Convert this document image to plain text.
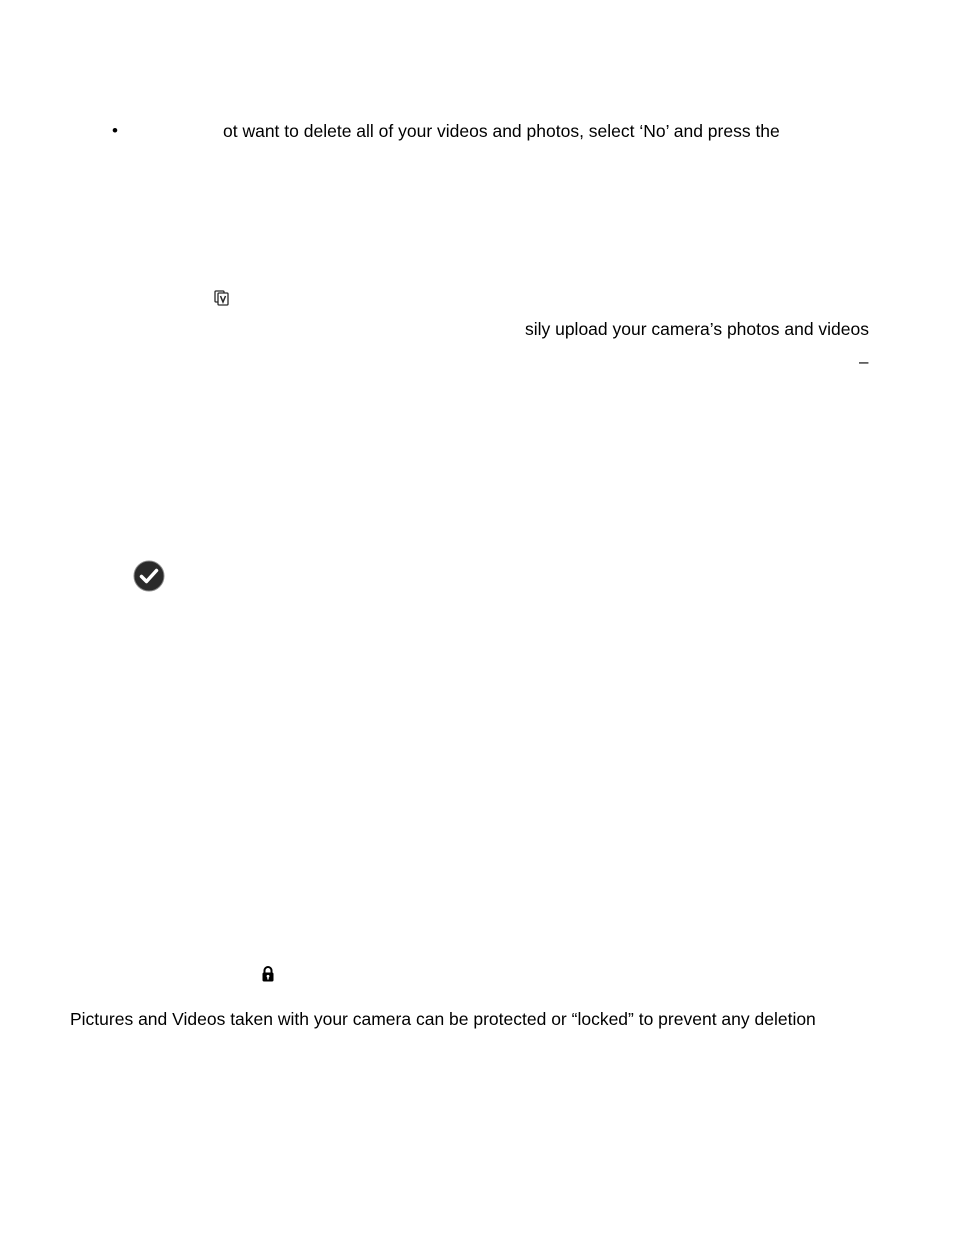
•	ot want to delete all of your videos and photos, select ‘No’ and press the
sily upload your camera’s photos and videos
–
Pictures and Videos taken with your camera can be protected or “locked” to prevent any deletion
